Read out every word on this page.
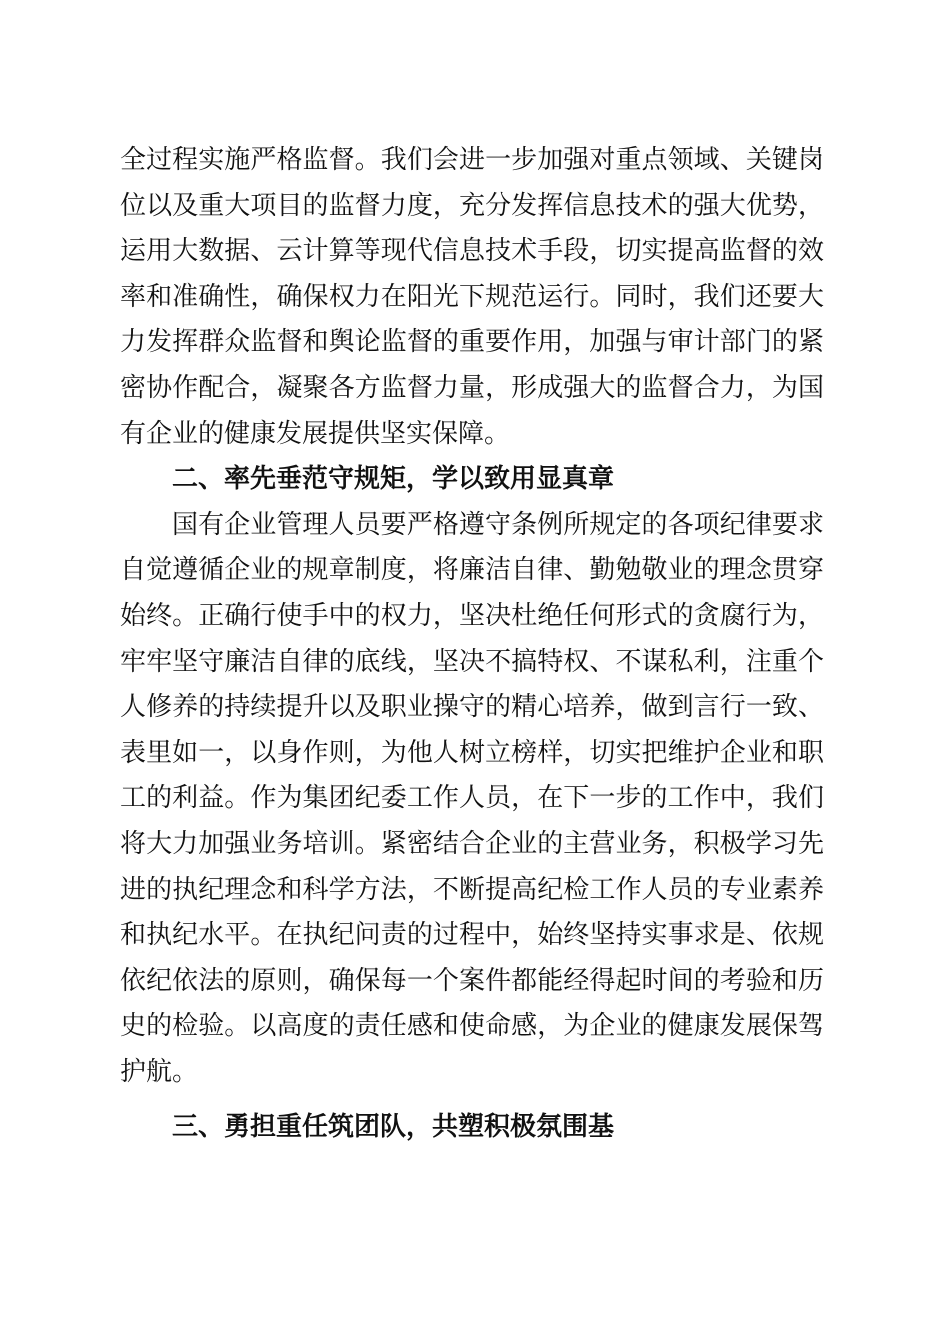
全过程实施严格监督。我们会进一步加强对重点领域、关键岗位以及重大项目的监督力度，充分发挥信息技术的强大优势，运用大数据、云计算等现代信息技术手段，切实提高监督的效率和准确性，确保权力在阳光下规范运行。同时，我们还要大力发挥群众监督和舆论监督的重要作用，加强与审计部门的紧密协作配合，凝聚各方监督力量，形成强大的监督合力，为国有企业的健康发展提供坚实保障。

二、率先垂范守规矩，学以致用显真章

国有企业管理人员要严格遵守条例所规定的各项纪律要求自觉遵循企业的规章制度，将廉洁自律、勤勉敬业的理念贯穿始终。正确行使手中的权力，坚决杜绝任何形式的贪腐行为，牢牢坚守廉洁自律的底线，坚决不搞特权、不谋私利，注重个人修养的持续提升以及职业操守的精心培养，做到言行一致、表里如一，以身作则，为他人树立榜样，切实把维护企业和职工的利益。作为集团纪委工作人员，在下一步的工作中，我们将大力加强业务培训。紧密结合企业的主营业务，积极学习先进的执纪理念和科学方法，不断提高纪检工作人员的专业素养和执纪水平。在执纪问责的过程中，始终坚持实事求是、依规依纪依法的原则，确保每一个案件都能经得起时间的考验和历史的检验。以高度的责任感和使命感，为企业的健康发展保驾护航。

三、勇担重任筑团队，共塑积极氛围基
